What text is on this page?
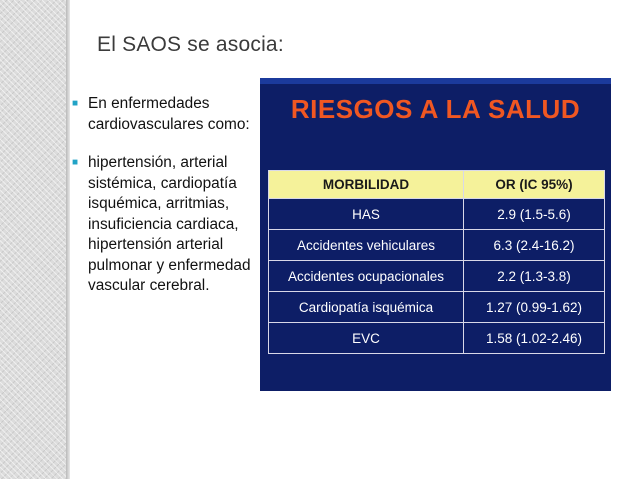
El SAOS se asocia:
■ En enfermedades cardiovasculares como:
■ hipertensión, arterial sistémica, cardiopatía isquémica, arritmias, insuficiencia cardiaca, hipertensión arterial pulmonar y enfermedad vascular cerebral.
RIESGOS A LA SALUD
MORBILIDAD	OR (IC 95%)
HAS	2.9 (1.5-5.6)
Accidentes vehiculares	6.3 (2.4-16.2)
Accidentes ocupacionales	2.2 (1.3-3.8)
Cardiopatía isquémica	1.27 (0.99-1.62)
EVC	1.58 (1.02-2.46)
